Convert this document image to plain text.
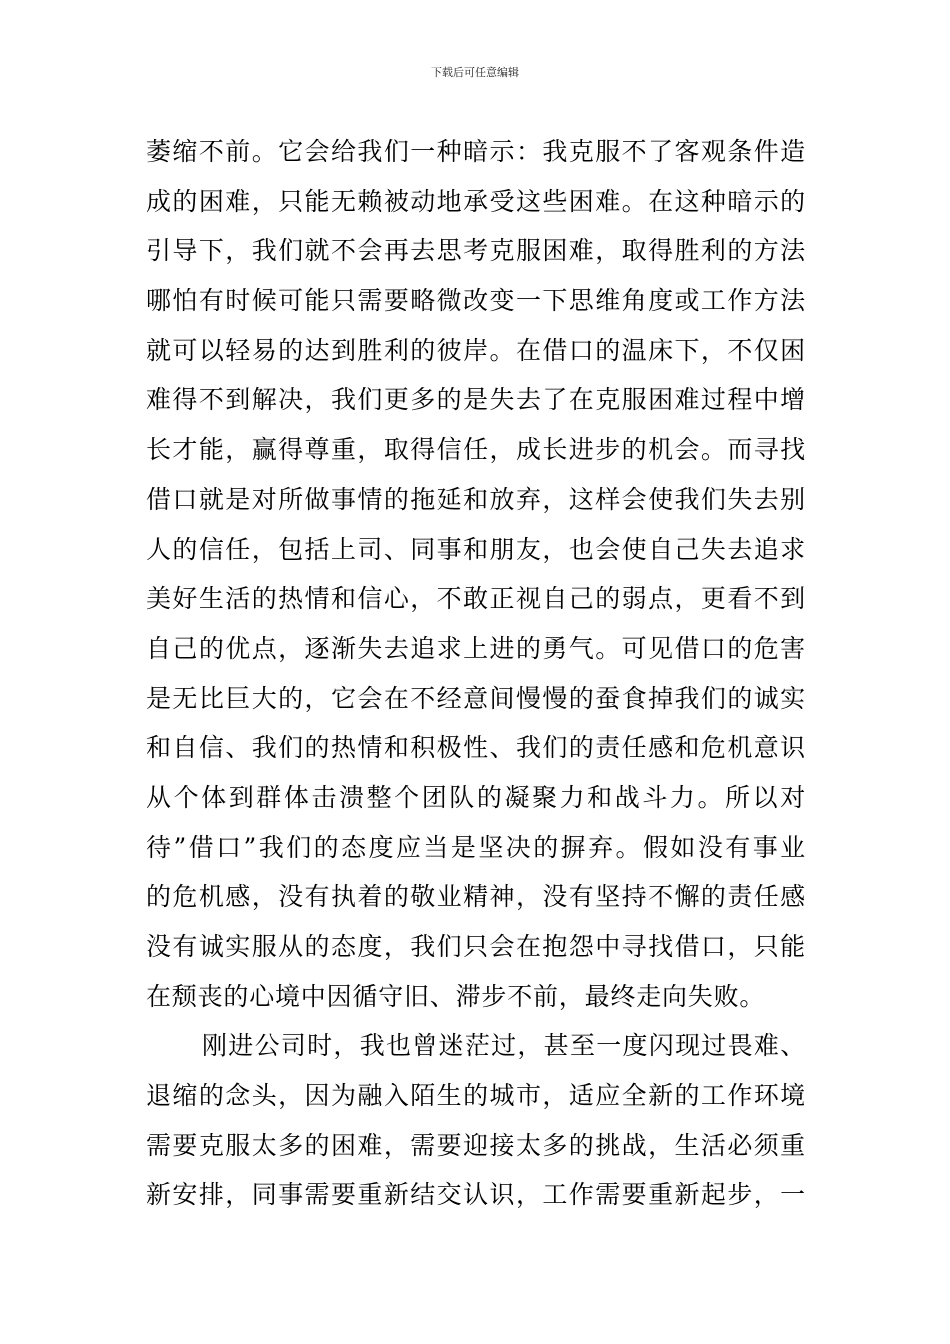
下载后可任意编辑
萎缩不前。它会给我们一种暗示：我克服不了客观条件造
成的困难，只能无赖被动地承受这些困难。在这种暗示的
引导下，我们就不会再去思考克服困难，取得胜利的方法
哪怕有时候可能只需要略微改变一下思维角度或工作方法
就可以轻易的达到胜利的彼岸。在借口的温床下，不仅困
难得不到解决，我们更多的是失去了在克服困难过程中增
长才能，赢得尊重，取得信任，成长进步的机会。而寻找
借口就是对所做事情的拖延和放弃，这样会使我们失去别
人的信任，包括上司、同事和朋友，也会使自己失去追求
美好生活的热情和信心，不敢正视自己的弱点，更看不到
自己的优点，逐渐失去追求上进的勇气。可见借口的危害
是无比巨大的，它会在不经意间慢慢的蚕食掉我们的诚实
和自信、我们的热情和积极性、我们的责任感和危机意识
从个体到群体击溃整个团队的凝聚力和战斗力。所以对
待”借口”我们的态度应当是坚决的摒弃。假如没有事业
的危机感，没有执着的敬业精神，没有坚持不懈的责任感
没有诚实服从的态度，我们只会在抱怨中寻找借口，只能
在颓丧的心境中因循守旧、滞步不前，最终走向失败。
刚进公司时，我也曾迷茫过，甚至一度闪现过畏难、
退缩的念头，因为融入陌生的城市，适应全新的工作环境
需要克服太多的困难，需要迎接太多的挑战，生活必须重
新安排，同事需要重新结交认识，工作需要重新起步，一
